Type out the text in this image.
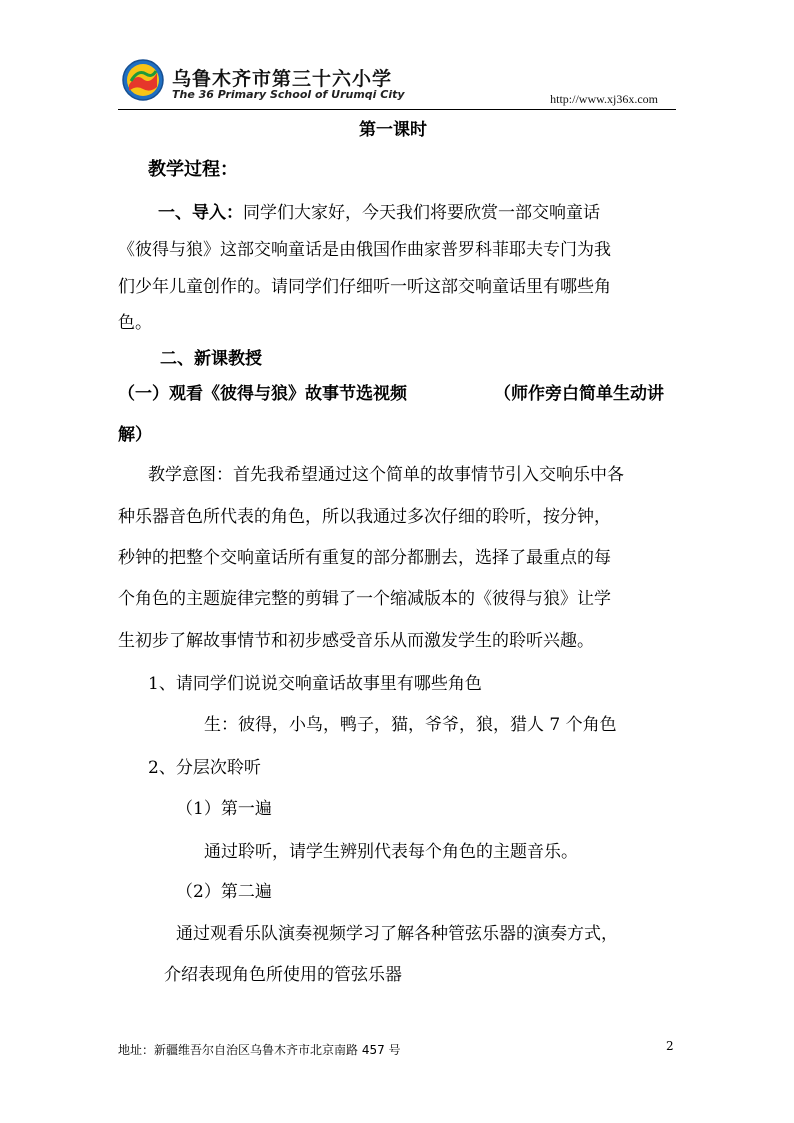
乌鲁木齐市第三十六小学
The 36 Primary School of Urumqi City	http://www.xj36x.com
第一课时
教学过程：
一、导入：同学们大家好，今天我们将要欣赏一部交响童话
《彼得与狼》这部交响童话是由俄国作曲家普罗科菲耶夫专门为我
们少年儿童创作的。请同学们仔细听一听这部交响童话里有哪些角
色。
二、新课教授
（一）观看《彼得与狼》故事节选视频	（师作旁白简单生动讲
解）
教学意图：首先我希望通过这个简单的故事情节引入交响乐中各
种乐器音色所代表的角色，所以我通过多次仔细的聆听，按分钟，
秒钟的把整个交响童话所有重复的部分都删去，选择了最重点的每
个角色的主题旋律完整的剪辑了一个缩减版本的《彼得与狼》让学
生初步了解故事情节和初步感受音乐从而激发学生的聆听兴趣。
1、请同学们说说交响童话故事里有哪些角色
生：彼得，小鸟，鸭子，猫，爷爷，狼，猎人 7 个角色
2、分层次聆听
（1）第一遍
通过聆听，请学生辨别代表每个角色的主题音乐。
（2）第二遍
通过观看乐队演奏视频学习了解各种管弦乐器的演奏方式，
介绍表现角色所使用的管弦乐器
地址：新疆维吾尔自治区乌鲁木齐市北京南路 457 号	2
